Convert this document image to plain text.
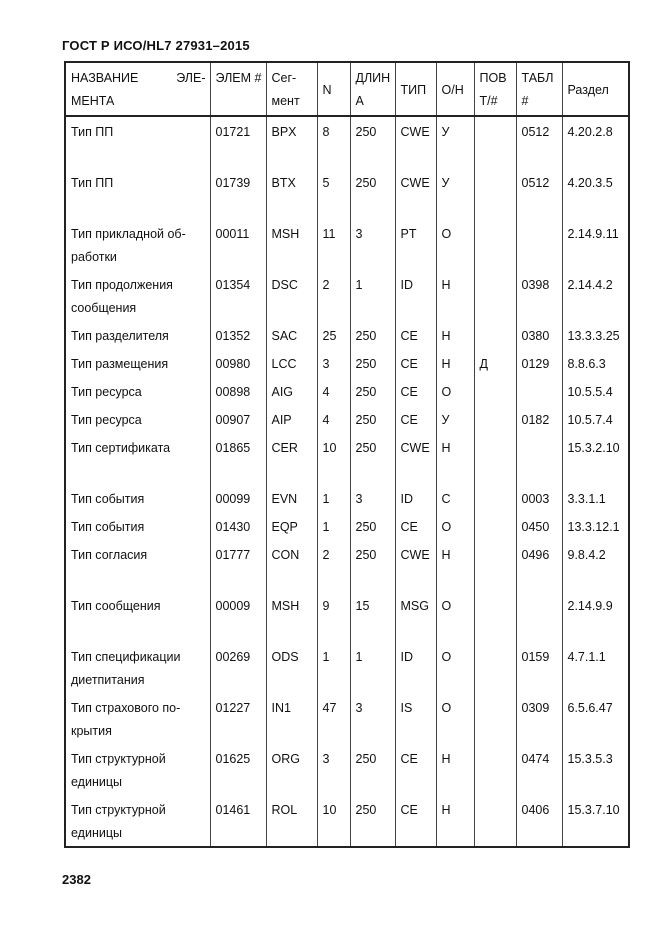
ГОСТ Р ИСО/HL7 27931–2015
НАЗВАНИЕ ЭЛЕ-МЕНТА	ЭЛЕМ #	Сег-мент	N	ДЛИНА	ТИП	О/Н	ПОВТ/#	ТАБЛ#	Раздел
Тип ПП	01721	BPX	8	250	CWE	У		0512	4.20.2.8
Тип ПП	01739	BTX	5	250	CWE	У		0512	4.20.3.5
Тип прикладной об-работки	00011	MSH	11	3	PT	О			2.14.9.11
Тип продолжения сообщения	01354	DSC	2	1	ID	Н		0398	2.14.4.2
Тип разделителя	01352	SAC	25	250	CE	Н		0380	13.3.3.25
Тип размещения	00980	LCC	3	250	CE	Н	Д	0129	8.8.6.3
Тип ресурса	00898	AIG	4	250	CE	О			10.5.5.4
Тип ресурса	00907	AIP	4	250	CE	У		0182	10.5.7.4
Тип сертификата	01865	CER	10	250	CWE	Н			15.3.2.10
Тип события	00099	EVN	1	3	ID	С		0003	3.3.1.1
Тип события	01430	EQP	1	250	CE	О		0450	13.3.12.1
Тип согласия	01777	CON	2	250	CWE	Н		0496	9.8.4.2
Тип сообщения	00009	MSH	9	15	MSG	О			2.14.9.9
Тип спецификации диетпитания	00269	ODS	1	1	ID	О		0159	4.7.1.1
Тип страхового по-крытия	01227	IN1	47	3	IS	О		0309	6.5.6.47
Тип структурной единицы	01625	ORG	3	250	CE	Н		0474	15.3.5.3
Тип структурной единицы	01461	ROL	10	250	CE	Н		0406	15.3.7.10
2382
